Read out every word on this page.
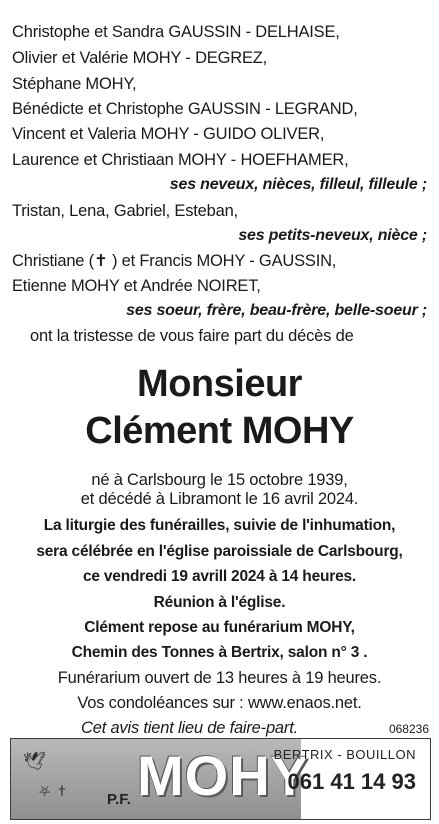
Christophe et Sandra GAUSSIN - DELHAISE,
Olivier et Valérie MOHY - DEGREZ,
Stéphane MOHY,
Bénédicte et Christophe GAUSSIN - LEGRAND,
Vincent et Valeria MOHY - GUIDO OLIVER,
Laurence et Christiaan MOHY - HOEFHAMER,
ses neveux, nièces, filleul, filleule ;
Tristan, Lena, Gabriel, Esteban,
ses petits-neveux, nièce ;
Christiane (✝ ) et Francis MOHY - GAUSSIN,
Etienne MOHY et Andrée NOIRET,
ses soeur, frère, beau-frère, belle-soeur ;
ont la tristesse de vous faire part du décès de
Monsieur
Clément MOHY
né à Carlsbourg le 15 octobre 1939,
et décédé à Libramont le 16 avril 2024.
La liturgie des funérailles, suivie de l'inhumation,
sera célébrée en l'église paroissiale de Carlsbourg,
ce vendredi 19 avrill 2024 à 14 heures.
Réunion à l'église.
Clément repose au funérarium MOHY,
Chemin des Tonnes à Bertrix, salon n° 3 .
Funérarium ouvert de 13 heures à 19 heures.
Vos condoléances sur : www.enaos.net.
Cet avis tient lieu de faire-part.	068236
🕊
⛧ ✝	P.F. MOHY
BERTRIX - BOUILLON
061 41 14 93
